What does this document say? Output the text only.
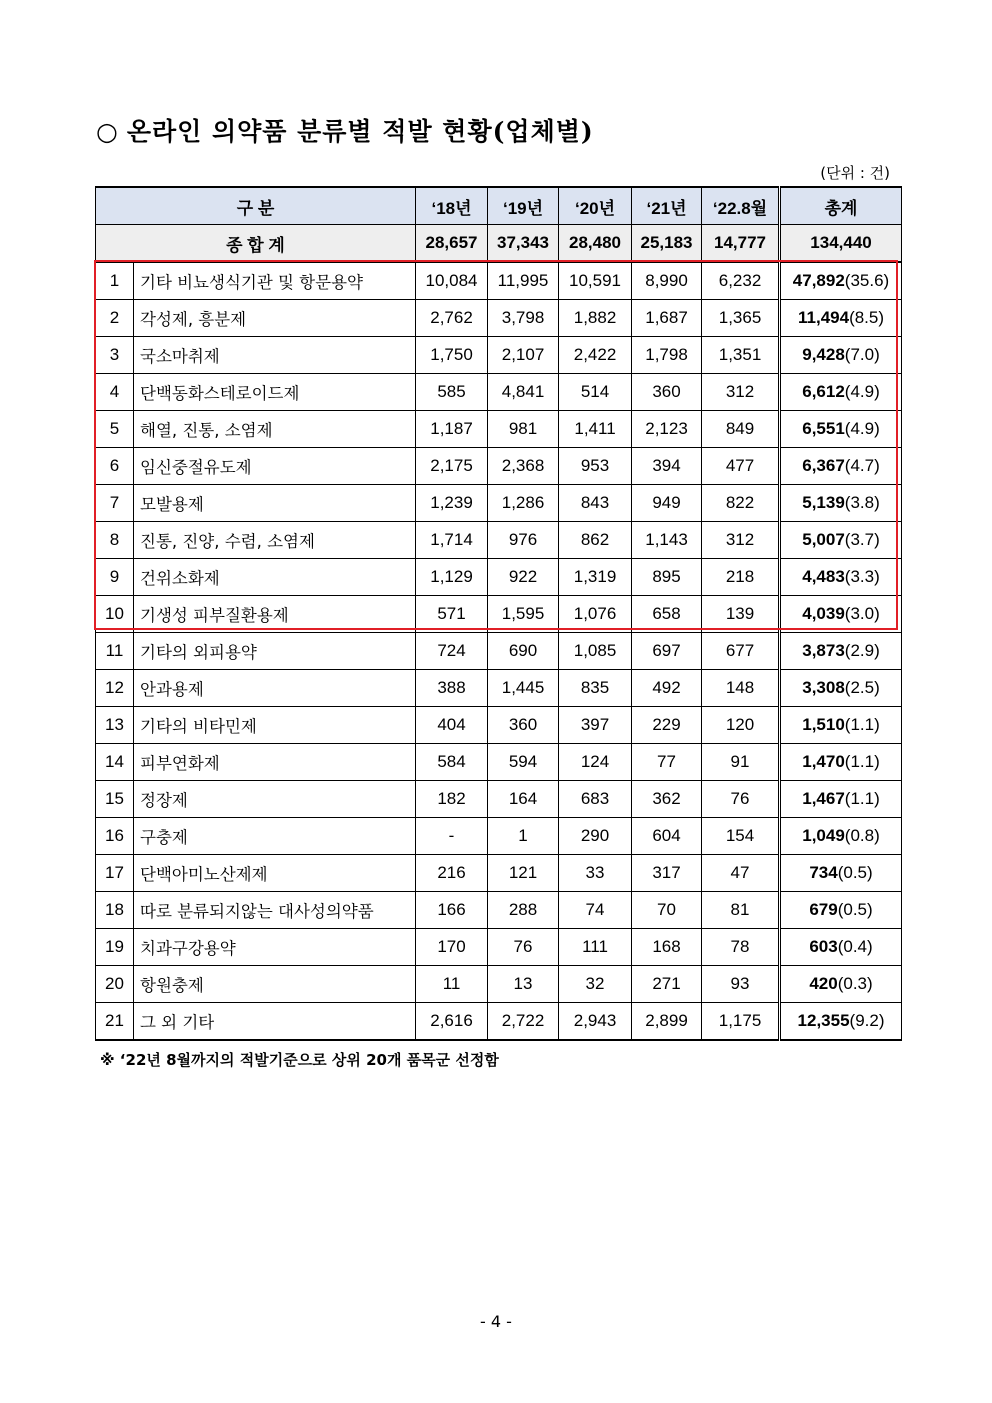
○ 온라인 의약품 분류별 적발 현황(업체별)
(단위 : 건)
구 분		‘18년	‘19년	‘20년	‘21년	‘22.8월	총계
종 합 계		28,657	37,343	28,480	25,183	14,777	134,440
1	기타 비뇨생식기관 및 항문용약	10,084	11,995	10,591	8,990	6,232	47,892(35.6)
2	각성제, 흥분제	2,762	3,798	1,882	1,687	1,365	11,494(8.5)
3	국소마취제	1,750	2,107	2,422	1,798	1,351	9,428(7.0)
4	단백동화스테로이드제	585	4,841	514	360	312	6,612(4.9)
5	해열, 진통, 소염제	1,187	981	1,411	2,123	849	6,551(4.9)
6	임신중절유도제	2,175	2,368	953	394	477	6,367(4.7)
7	모발용제	1,239	1,286	843	949	822	5,139(3.8)
8	진통, 진양, 수렴, 소염제	1,714	976	862	1,143	312	5,007(3.7)
9	건위소화제	1,129	922	1,319	895	218	4,483(3.3)
10	기생성 피부질환용제	571	1,595	1,076	658	139	4,039(3.0)
11	기타의 외피용약	724	690	1,085	697	677	3,873(2.9)
12	안과용제	388	1,445	835	492	148	3,308(2.5)
13	기타의 비타민제	404	360	397	229	120	1,510(1.1)
14	피부연화제	584	594	124	77	91	1,470(1.1)
15	정장제	182	164	683	362	76	1,467(1.1)
16	구충제	-	1	290	604	154	1,049(0.8)
17	단백아미노산제제	216	121	33	317	47	734(0.5)
18	따로 분류되지않는 대사성의약품	166	288	74	70	81	679(0.5)
19	치과구강용약	170	76	111	168	78	603(0.4)
20	항원충제	11	13	32	271	93	420(0.3)
21	그 외 기타	2,616	2,722	2,943	2,899	1,175	12,355(9.2)
※ ‘22년 8월까지의 적발기준으로 상위 20개 품목군 선정함
- 4 -
